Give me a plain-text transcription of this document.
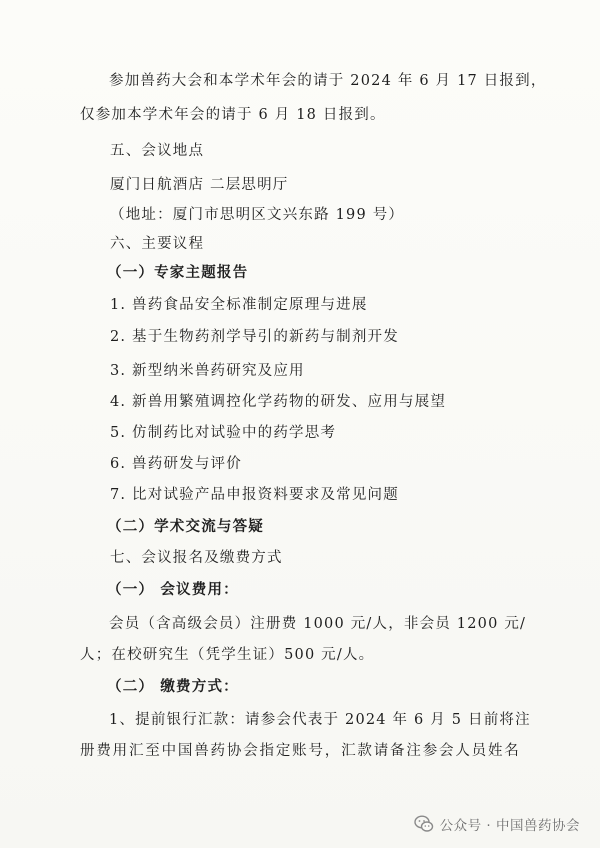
参加兽药大会和本学术年会的请于 2024 年 6 月 17 日报到，
仅参加本学术年会的请于 6 月 18 日报到。
五、会议地点
厦门日航酒店 二层思明厅
（地址：厦门市思明区文兴东路 199 号）
六、主要议程
（一）专家主题报告
1. 兽药食品安全标准制定原理与进展
2. 基于生物药剂学导引的新药与制剂开发
3. 新型纳米兽药研究及应用
4. 新兽用繁殖调控化学药物的研发、应用与展望
5. 仿制药比对试验中的药学思考
6. 兽药研发与评价
7. 比对试验产品申报资料要求及常见问题
（二）学术交流与答疑
七、会议报名及缴费方式
（一） 会议费用：
会员（含高级会员）注册费 1000 元/人，非会员 1200 元/
人；在校研究生（凭学生证）500 元/人。
（二） 缴费方式：
1、提前银行汇款：请参会代表于 2024 年 6 月 5 日前将注
册费用汇至中国兽药协会指定账号，汇款请备注参会人员姓名
公众号 · 中国兽药协会
